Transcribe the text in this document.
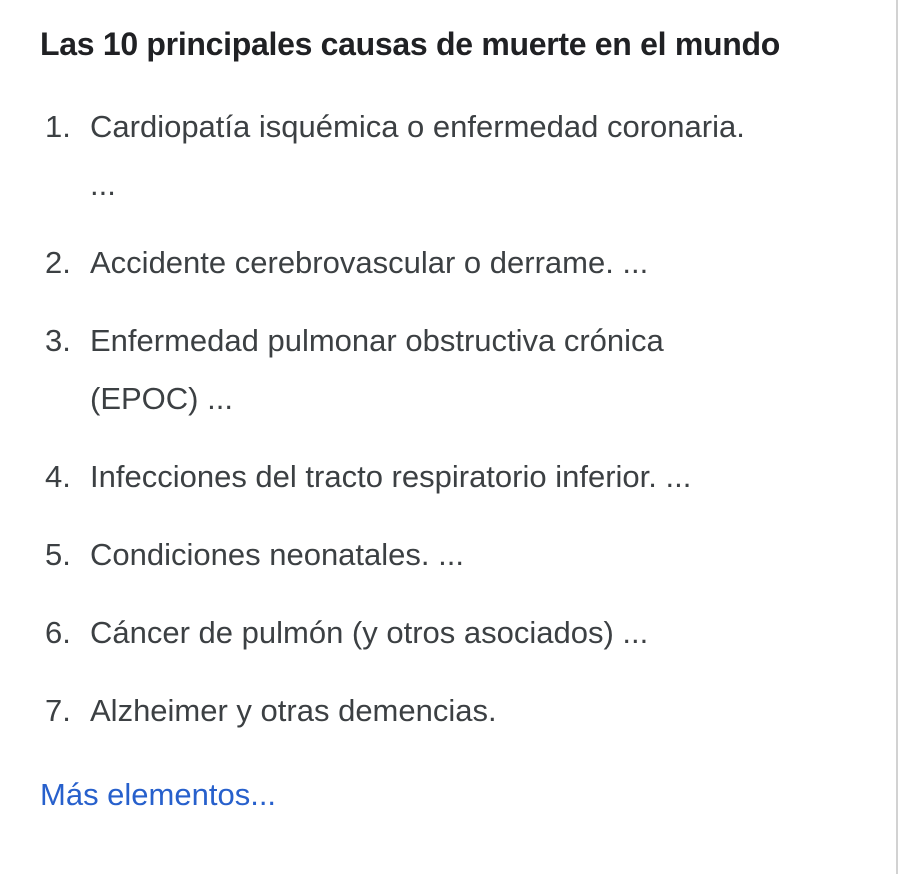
Las 10 principales causas de muerte en el mundo
1. Cardiopatía isquémica o enfermedad coronaria.
...
2. Accidente cerebrovascular o derrame. ...
3. Enfermedad pulmonar obstructiva crónica
(EPOC) ...
4. Infecciones del tracto respiratorio inferior. ...
5. Condiciones neonatales. ...
6. Cáncer de pulmón (y otros asociados) ...
7. Alzheimer y otras demencias.
Más elementos...
